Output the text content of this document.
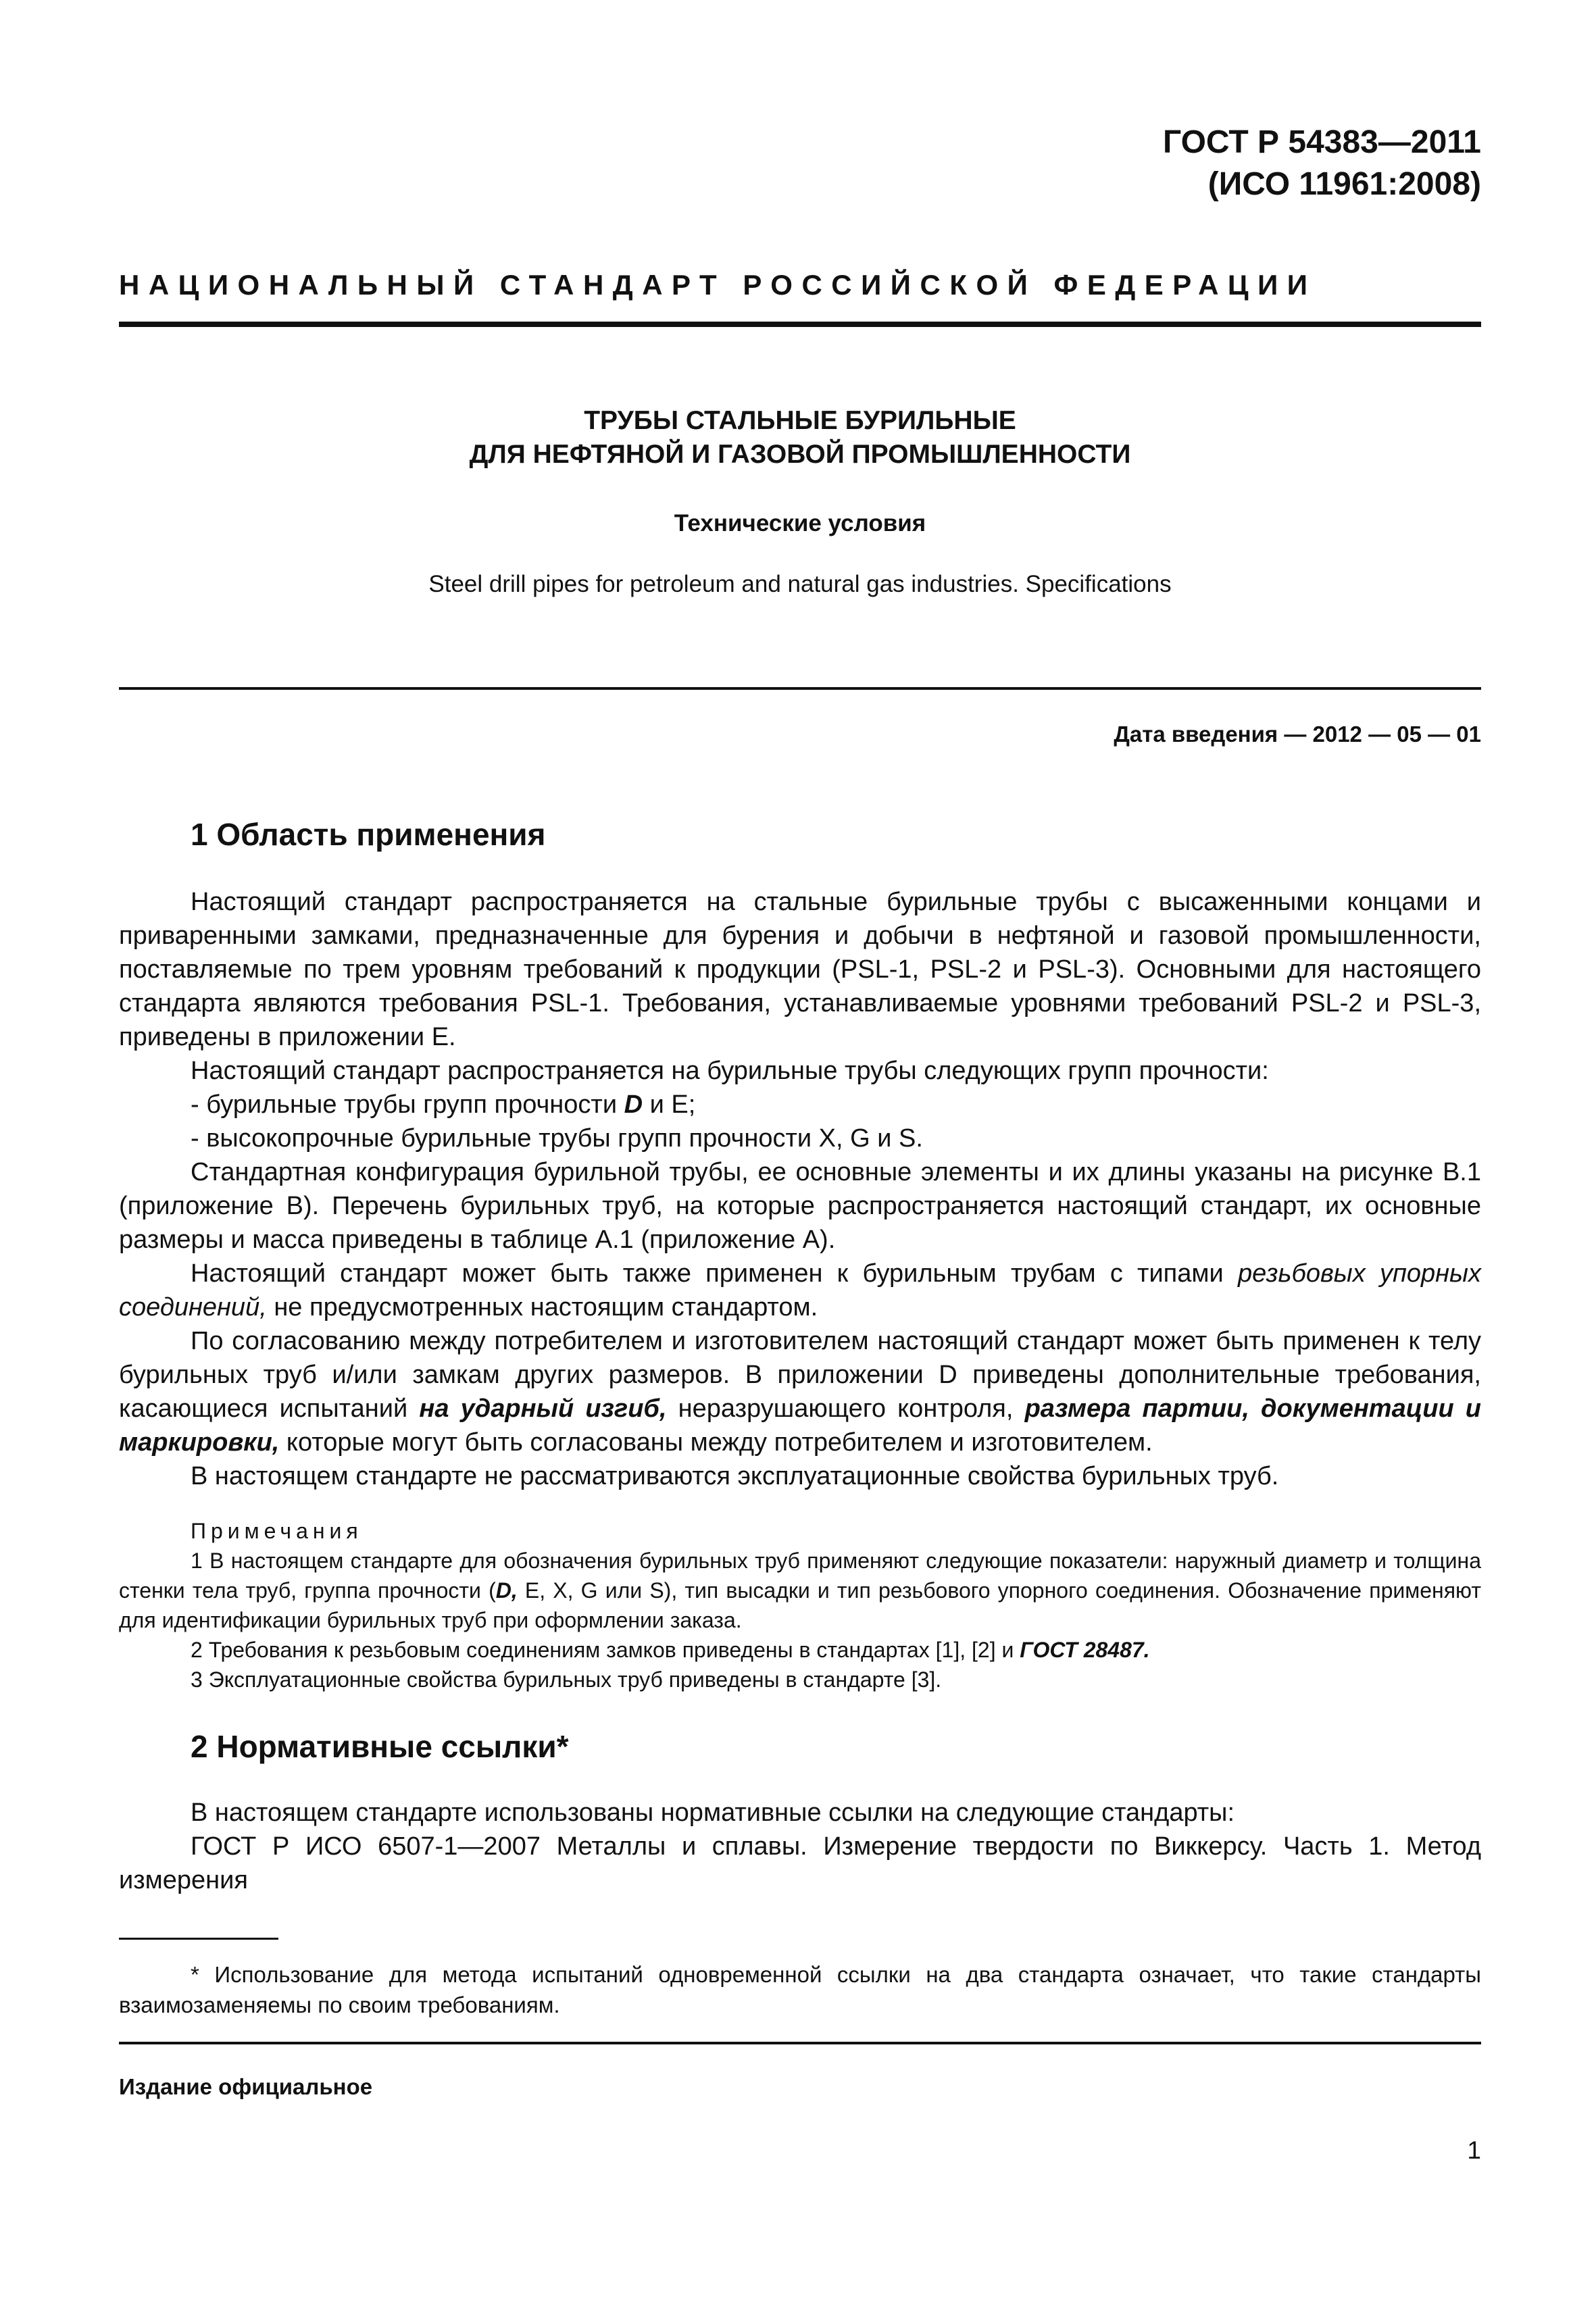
ГОСТ Р 54383—2011
(ИСО 11961:2008)
НАЦИОНАЛЬНЫЙ СТАНДАРТ РОССИЙСКОЙ ФЕДЕРАЦИИ
ТРУБЫ СТАЛЬНЫЕ БУРИЛЬНЫЕ
ДЛЯ НЕФТЯНОЙ И ГАЗОВОЙ ПРОМЫШЛЕННОСТИ
Технические условия
Steel drill pipes for petroleum and natural gas industries. Specifications
Дата введения — 2012 — 05 — 01
1 Область применения

Настоящий стандарт распространяется на стальные бурильные трубы с высаженными концами и приваренными замками, предназначенные для бурения и добычи в нефтяной и газовой промышленности, поставляемые по трем уровням требований к продукции (PSL-1, PSL-2 и PSL-3). Основными для настоящего стандарта являются требования PSL-1. Требования, устанавливаемые уровнями требований PSL-2 и PSL-3, приведены в приложении E.

Настоящий стандарт распространяется на бурильные трубы следующих групп прочности:

- бурильные трубы групп прочности D и E;

- высокопрочные бурильные трубы групп прочности X, G и S.

Стандартная конфигурация бурильной трубы, ее основные элементы и их длины указаны на рисунке B.1 (приложение В). Перечень бурильных труб, на которые распространяется настоящий стандарт, их основные размеры и масса приведены в таблице А.1 (приложение А).

Настоящий стандарт может быть также применен к бурильным трубам с типами резьбовых упорных соединений, не предусмотренных настоящим стандартом.

По согласованию между потребителем и изготовителем настоящий стандарт может быть применен к телу бурильных труб и/или замкам других размеров. В приложении D приведены дополнительные требования, касающиеся испытаний на ударный изгиб, неразрушающего контроля, размера партии, документации и маркировки, которые могут быть согласованы между потребителем и изготовителем.

В настоящем стандарте не рассматриваются эксплуатационные свойства бурильных труб.

Примечания

1 В настоящем стандарте для обозначения бурильных труб применяют следующие показатели: наружный диаметр и толщина стенки тела труб, группа прочности (D, E, X, G или S), тип высадки и тип резьбового упорного соединения. Обозначение применяют для идентификации бурильных труб при оформлении заказа.

2 Требования к резьбовым соединениям замков приведены в стандартах [1], [2] и ГОСТ 28487.

3 Эксплуатационные свойства бурильных труб приведены в стандарте [3].

2 Нормативные ссылки*

В настоящем стандарте использованы нормативные ссылки на следующие стандарты:

ГОСТ Р ИСО 6507-1—2007 Металлы и сплавы. Измерение твердости по Виккерсу. Часть 1. Метод измерения

* Использование для метода испытаний одновременной ссылки на два стандарта означает, что такие стандарты взаимозаменяемы по своим требованиям.

Издание официальное
1
